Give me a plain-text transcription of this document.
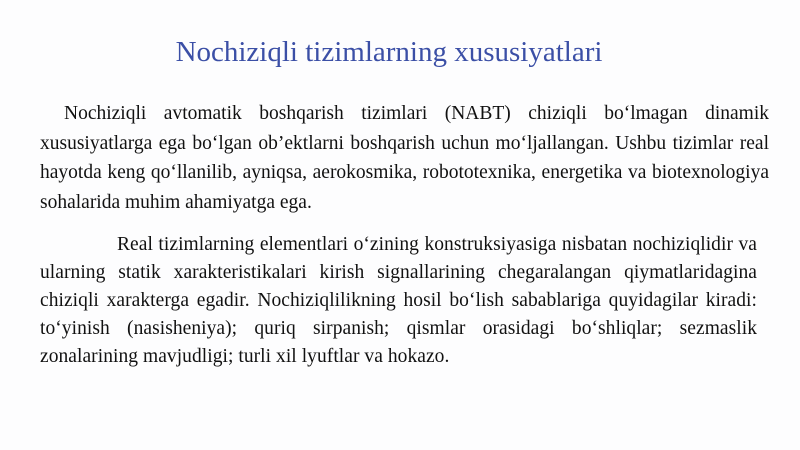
Nochiziqli tizimlarning xususiyatlari

Nochiziqli avtomatik boshqarish tizimlari (NABT) chiziqli bo‘lmagan dinamik xususiyatlarga ega bo‘lgan ob’ektlarni boshqarish uchun mo‘ljallangan. Ushbu tizimlar real hayotda keng qo‘llanilib, ayniqsa, aerokosmika, robototexnika, energetika va biotexnologiya sohalarida muhim ahamiyatga ega.

Real tizimlarning elementlari o‘zining konstruksiyasiga nisbatan nochiziqlidir va ularning statik xarakteristikalari kirish signallarining chegaralangan qiymatlaridagina chiziqli xarakterga egadir. Nochiziqlilikning hosil bo‘lish sabablariga quyidagilar kiradi: to‘yinish (nasisheniya); quriq sirpanish; qismlar orasidagi bo‘shliqlar; sezmaslik zonalarining mavjudligi; turli xil lyuftlar va hokazo.
